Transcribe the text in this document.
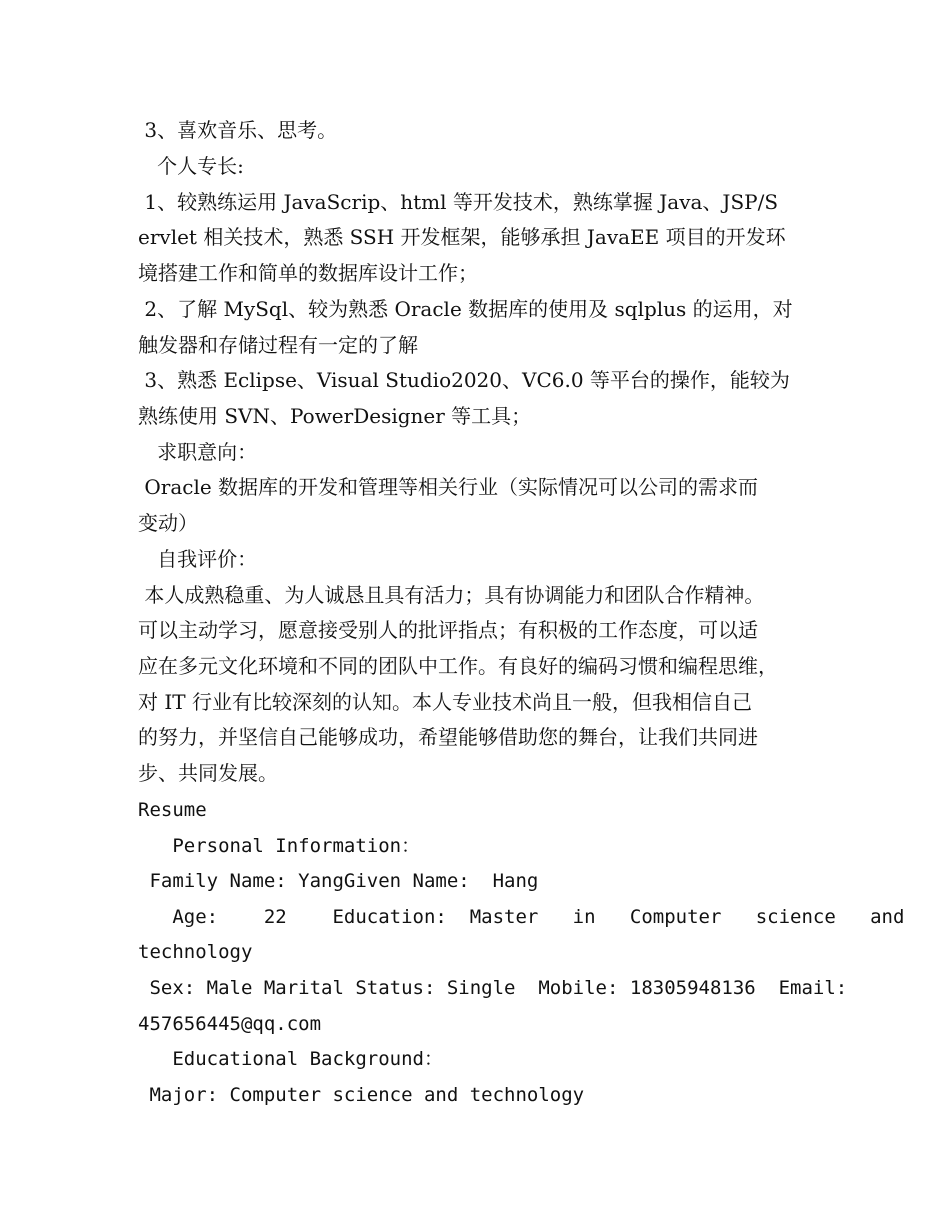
3、喜欢音乐、思考。
个人专长:
1、较熟练运用 JavaScrip、html 等开发技术，熟练掌握 Java、JSP/S
ervlet 相关技术，熟悉 SSH 开发框架，能够承担 JavaEE 项目的开发环
境搭建工作和简单的数据库设计工作；
2、了解 MySql、较为熟悉 Oracle 数据库的使用及 sqlplus 的运用，对
触发器和存储过程有一定的了解
3、熟悉 Eclipse、Visual Studio2020、VC6.0 等平台的操作，能较为
熟练使用 SVN、PowerDesigner 等工具；
求职意向：
Oracle 数据库的开发和管理等相关行业（实际情况可以公司的需求而
变动）
自我评价：
本人成熟稳重、为人诚恳且具有活力；具有协调能力和团队合作精神。
可以主动学习，愿意接受别人的批评指点；有积极的工作态度，可以适
应在多元文化环境和不同的团队中工作。有良好的编码习惯和编程思维，
对 IT 行业有比较深刻的认知。本人专业技术尚且一般，但我相信自己
的努力，并坚信自己能够成功，希望能够借助您的舞台，让我们共同进
步、共同发展。
Resume
Personal Information：
Family Name: YangGiven Name:  Hang
Age:    22    Education:  Master   in   Computer   science   and
technology
Sex: Male Marital Status: Single  Mobile: 18305948136  Email:
457656445@qq.com
Educational Background：
Major: Computer science and technology
